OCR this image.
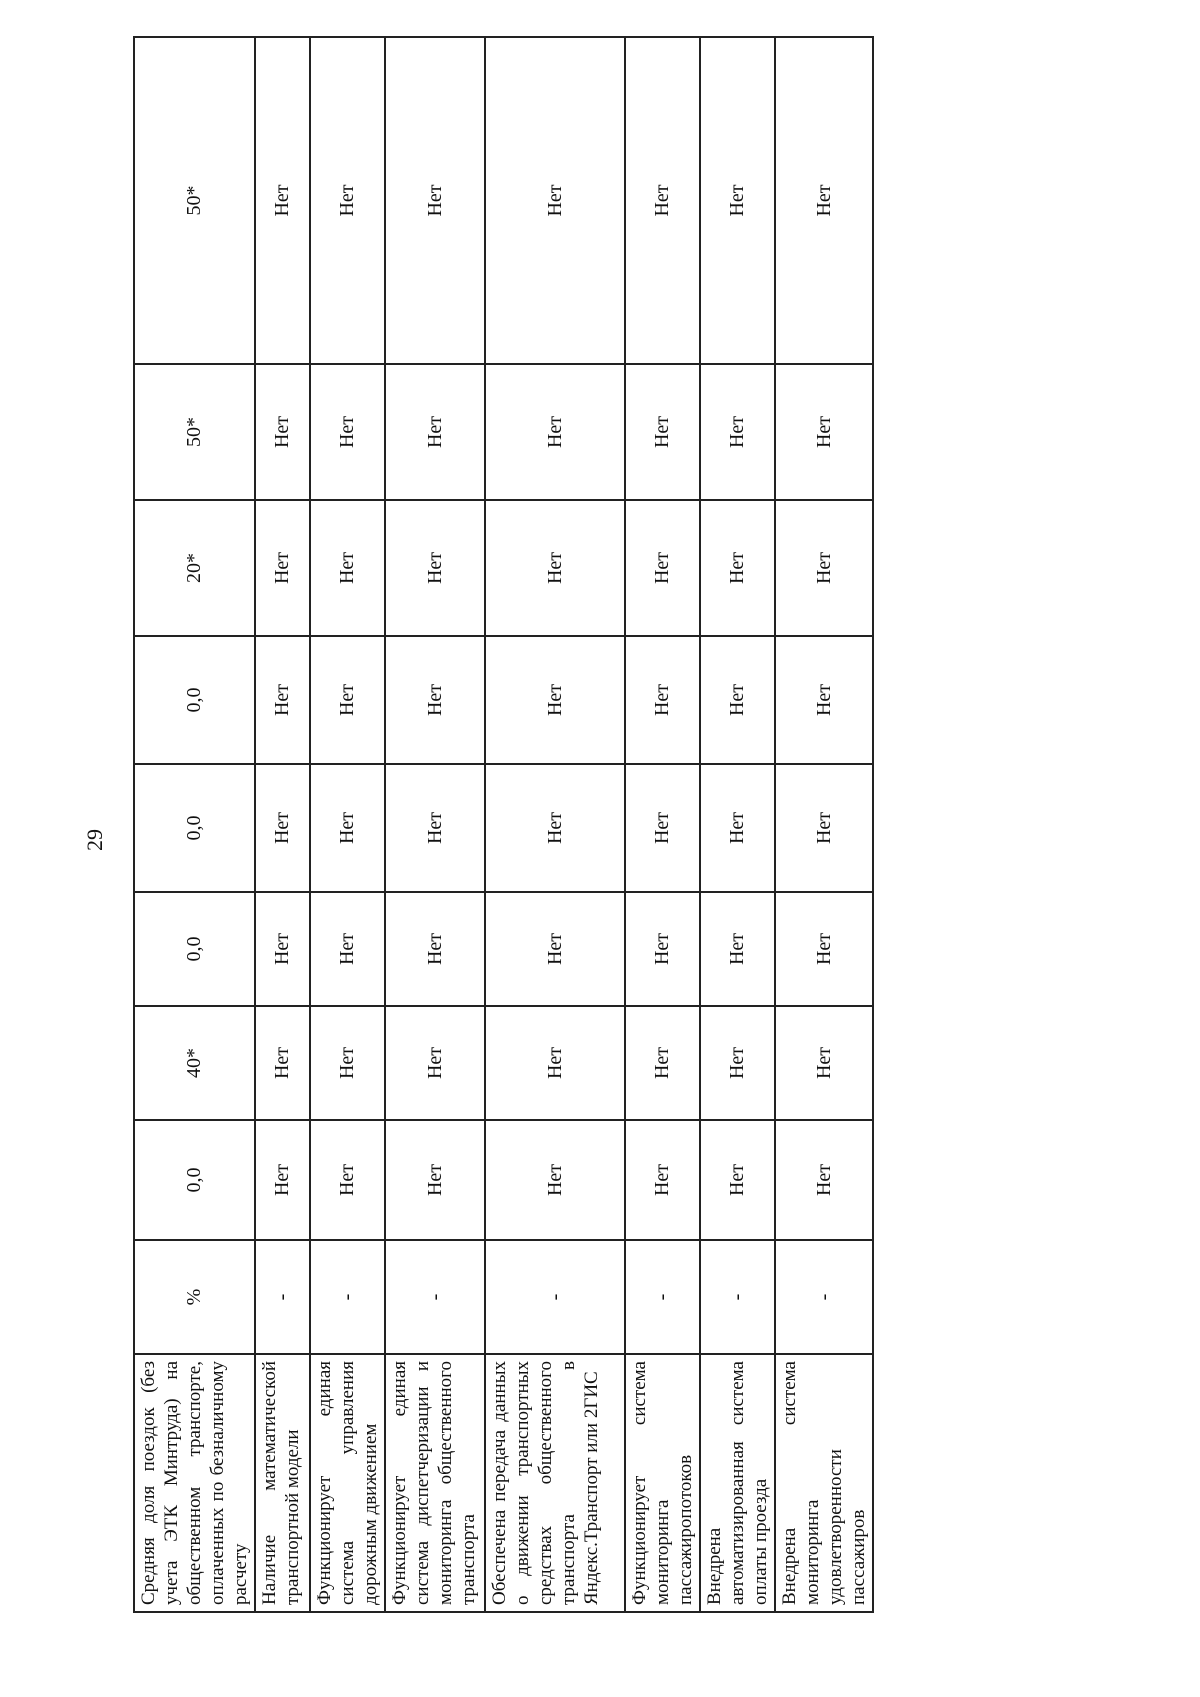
29
Средняя доля поездок (без учета ЭТК Минтруда) на общественном транспорте, оплаченных по безналичному расчету	%	0,0	40*	0,0	0,0	0,0	20*	50*	50*
Наличие математической транспортной модели	-	Нет	Нет	Нет	Нет	Нет	Нет	Нет	Нет
Функционирует единая система управления дорожным движением	-	Нет	Нет	Нет	Нет	Нет	Нет	Нет	Нет
Функционирует единая система диспетчеризации и мониторинга общественного транспорта	-	Нет	Нет	Нет	Нет	Нет	Нет	Нет	Нет
Обеспечена передача данных о движении транспортных средствах общественного транспорта в Яндекс.Транспорт или 2ГИС	-	Нет	Нет	Нет	Нет	Нет	Нет	Нет	Нет
Функционирует система мониторинга пассажиропотоков	-	Нет	Нет	Нет	Нет	Нет	Нет	Нет	Нет
Внедрена автоматизированная система оплаты проезда	-	Нет	Нет	Нет	Нет	Нет	Нет	Нет	Нет
Внедрена система мониторинга удовлетворенности пассажиров	-	Нет	Нет	Нет	Нет	Нет	Нет	Нет	Нет
